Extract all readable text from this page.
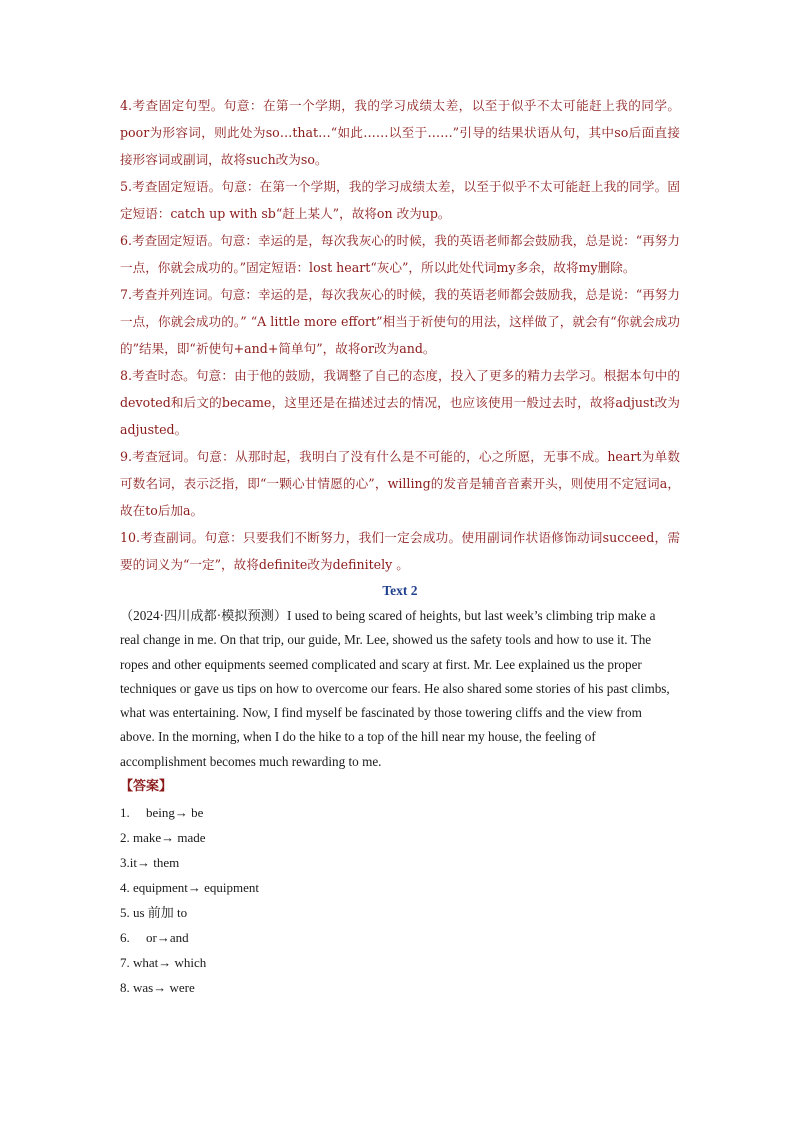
4.考查固定句型。句意：在第一个学期，我的学习成绩太差，以至于似乎不太可能赶上我的同学。poor为形容词，则此处为so…that…“如此……以至于……”引导的结果状语从句，其中so后面直接接形容词或副词，故将such改为so。

5.考查固定短语。句意：在第一个学期，我的学习成绩太差，以至于似乎不太可能赶上我的同学。固定短语：catch up with sb“赶上某人”，故将on 改为up。

6.考查固定短语。句意：幸运的是，每次我灰心的时候，我的英语老师都会鼓励我，总是说：“再努力一点，你就会成功的。”固定短语：lost heart“灰心”，所以此处代词my多余，故将my删除。

7.考查并列连词。句意：幸运的是，每次我灰心的时候，我的英语老师都会鼓励我，总是说：“再努力一点，你就会成功的。” “A little more effort”相当于祈使句的用法，这样做了，就会有“你就会成功的”结果，即“祈使句+and+简单句”，故将or改为and。

8.考查时态。句意：由于他的鼓励，我调整了自己的态度，投入了更多的精力去学习。根据本句中的devoted和后文的became，这里还是在描述过去的情况，也应该使用一般过去时，故将adjust改为adjusted。

9.考查冠词。句意：从那时起，我明白了没有什么是不可能的，心之所愿，无事不成。heart为单数可数名词，表示泛指，即“一颗心甘情愿的心”，willing的发音是辅音音素开头，则使用不定冠词a，故在to后加a。

10.考查副词。句意：只要我们不断努力，我们一定会成功。使用副词作状语修饰动词succeed，需要的词义为“一定”，故将definite改为definitely 。

Text 2

（2024·四川成都·模拟预测）I used to being scared of heights, but last week’s climbing trip make a real change in me. On that trip, our guide, Mr. Lee, showed us the safety tools and how to use it. The ropes and other equipments seemed complicated and scary at first. Mr. Lee explained us the proper techniques or gave us tips on how to overcome our fears. He also shared some stories of his past climbs, what was entertaining. Now, I find myself be fascinated by those towering cliffs and the view from above. In the morning, when I do the hike to a top of the hill near my house, the feeling of accomplishment becomes much rewarding to me.

【答案】

1.     being→ be

2. make→ made

3.it→ them

4. equipment→ equipment

5. us 前加 to

6.     or→and

7. what→ which

8. was→ were
